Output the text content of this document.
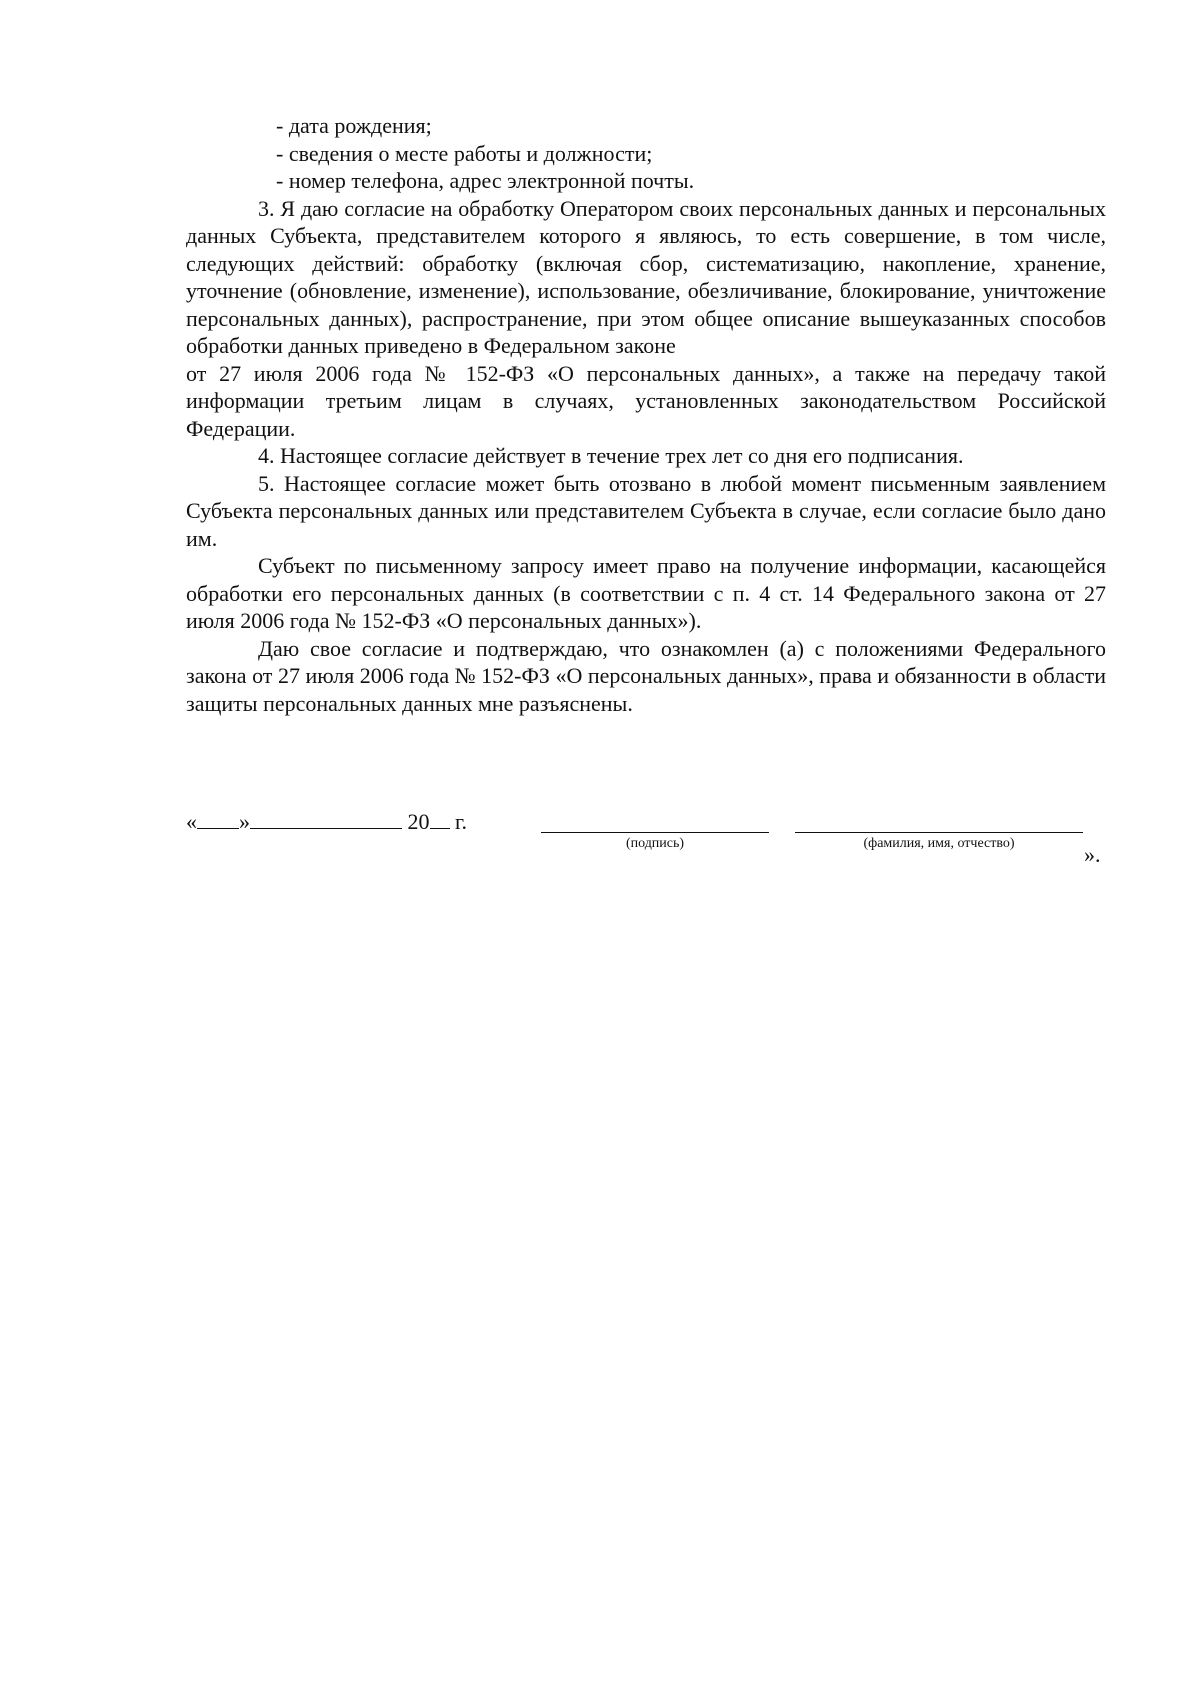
- дата рождения;

- сведения о месте работы и должности;

- номер телефона, адрес электронной почты.

3. Я даю согласие на обработку Оператором своих персональных данных и персональных данных Субъекта, представителем которого я являюсь, то есть совершение, в том числе, следующих действий: обработку (включая сбор, систематизацию, накопление, хранение, уточнение (обновление, изменение), использование, обезличивание, блокирование, уничтожение персональных данных), распространение, при этом общее описание вышеуказанных способов обработки данных приведено в Федеральном законе

от 27 июля 2006 года № 152-ФЗ «О персональных данных», а также на передачу такой информации третьим лицам в случаях, установленных законодательством Российской Федерации.

4. Настоящее согласие действует в течение трех лет со дня его подписания.

5. Настоящее согласие может быть отозвано в любой момент письменным заявлением Субъекта персональных данных или представителем Субъекта в случае, если согласие было дано им.

Субъект по письменному запросу имеет право на получение информации, касающейся обработки его персональных данных (в соответствии с п. 4 ст. 14 Федерального закона от 27 июля 2006 года № 152-ФЗ «О персональных данных»).

Даю свое согласие и подтверждаю, что ознакомлен (а) с положениями Федерального закона от 27 июля 2006 года № 152-ФЗ «О персональных данных», права и обязанности в области защиты персональных данных мне разъяснены.

« »	20 г.
(подпись)	(фамилия, имя, отчество)	».
